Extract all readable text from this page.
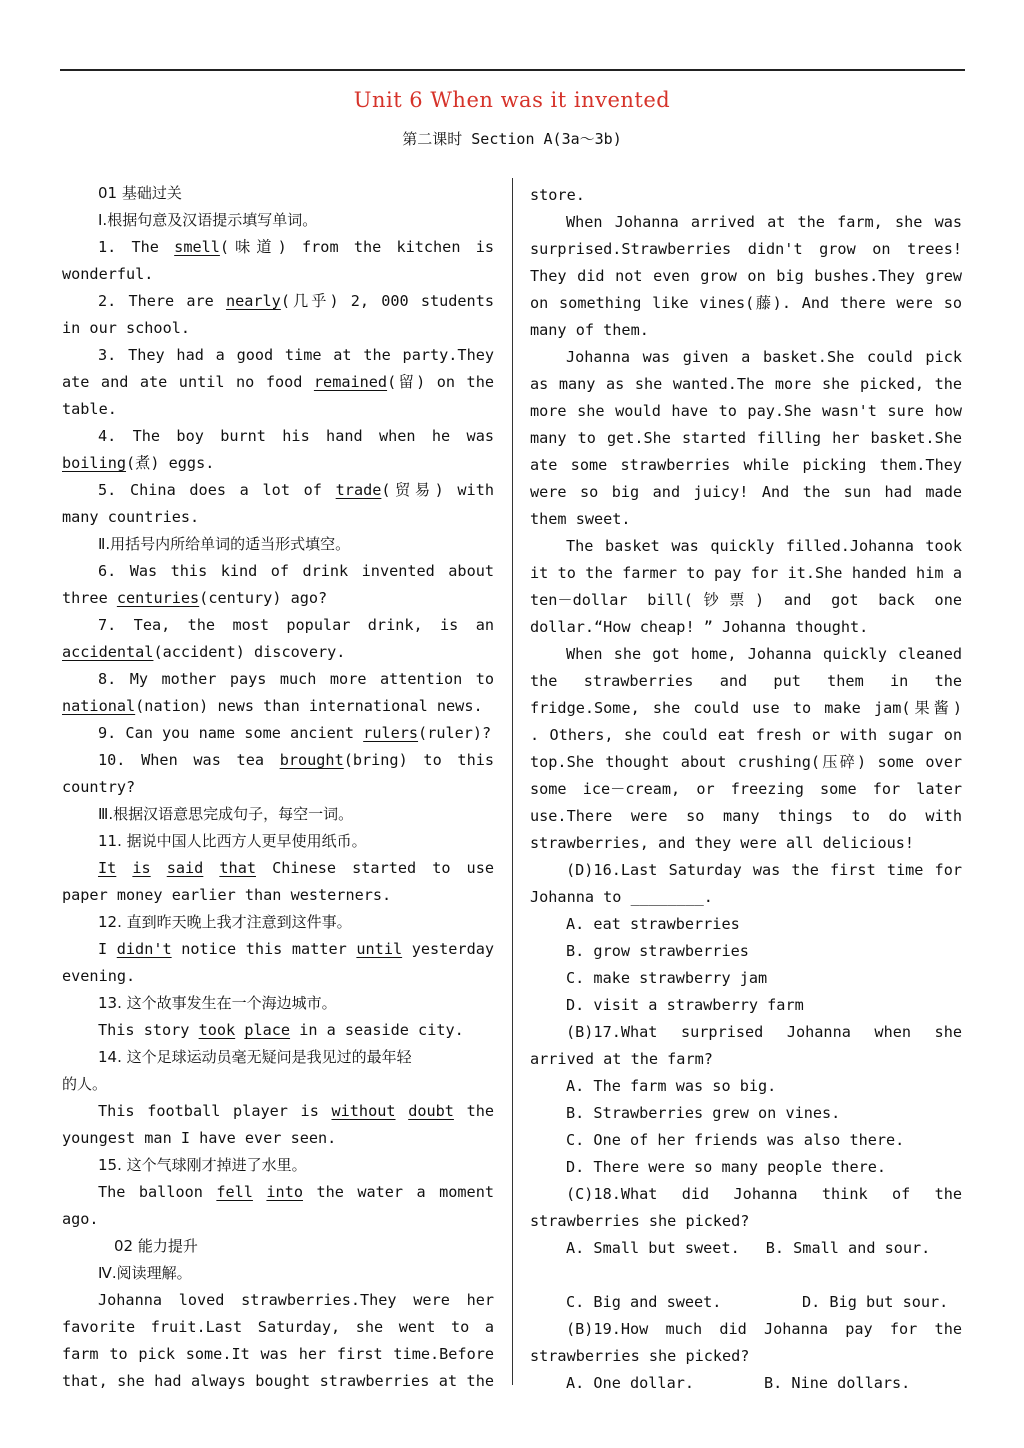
Unit 6 When was it invented
第二课时 Section A(3a～3b)
01 基础过关
Ⅰ.根据句意及汉语提示填写单词。
1. The smell(味道) from the kitchen is
wonderful.
2. There are nearly(几乎) 2, 000 students
in our school.
3. They had a good time at the party.They
ate and ate until no food remained(留) on the
table.
4. The boy burnt his hand when he was
boiling(煮) eggs.
5. China does a lot of trade(贸易) with
many countries.
Ⅱ.用括号内所给单词的适当形式填空。
6. Was this kind of drink invented about
three centuries(century) ago?
7. Tea, the most popular drink, is an
accidental(accident) discovery.
8. My mother pays much more attention to
national(nation) news than international news.
9. Can you name some ancient rulers(ruler)?
10. When was tea brought(bring) to this
country?
Ⅲ.根据汉语意思完成句子，每空一词。
11. 据说中国人比西方人更早使用纸币。
It is said that Chinese started to use
paper money earlier than westerners.
12. 直到昨天晚上我才注意到这件事。
I didn't notice this matter until yesterday
evening.
13. 这个故事发生在一个海边城市。
This story took place in a seaside city.
14. 这个足球运动员毫无疑问是我见过的最年轻
的人。
This football player is without doubt the
youngest man I have ever seen.
15. 这个气球刚才掉进了水里。
The balloon fell into the water a moment
ago.
02 能力提升
Ⅳ.阅读理解。
Johanna loved strawberries.They were her
favorite fruit.Last Saturday, she went to a
farm to pick some.It was her first time.Before
that, she had always bought strawberries at the
store.
When Johanna arrived at the farm, she was
surprised.Strawberries didn't grow on trees!
They did not even grow on big bushes.They grew
on something like vines(藤). And there were so
many of them.
Johanna was given a basket.She could pick
as many as she wanted.The more she picked, the
more she would have to pay.She wasn't sure how
many to get.She started filling her basket.She
ate some strawberries while picking them.They
were so big and juicy! And the sun had made
them sweet.
The basket was quickly filled.Johanna took
it to the farmer to pay for it.She handed him a
ten－dollar bill(钞票) and got back one
dollar.“How cheap! ” Johanna thought.
When she got home, Johanna quickly cleaned
the strawberries and put them in the
fridge.Some, she could use to make jam(果酱)
. Others, she could eat fresh or with sugar on
top.She thought about crushing(压碎) some over
some ice－cream, or freezing some for later
use.There were so many things to do with
strawberries, and they were all delicious!
(D)16.Last Saturday was the first time for
Johanna to ________.
A. eat strawberries
B. grow strawberries
C. make strawberry jam
D. visit a strawberry farm
(B)17.What surprised Johanna when she
arrived at the farm?
A. The farm was so big.
B. Strawberries grew on vines.
C. One of her friends was also there.
D. There were so many people there.
(C)18.What did Johanna think of the
strawberries she picked?
A. Small but sweet. B. Small and sour.
C. Big and sweet.	D. Big but sour.
(B)19.How much did Johanna pay for the
strawberries she picked?
A. One dollar.	B. Nine dollars.
